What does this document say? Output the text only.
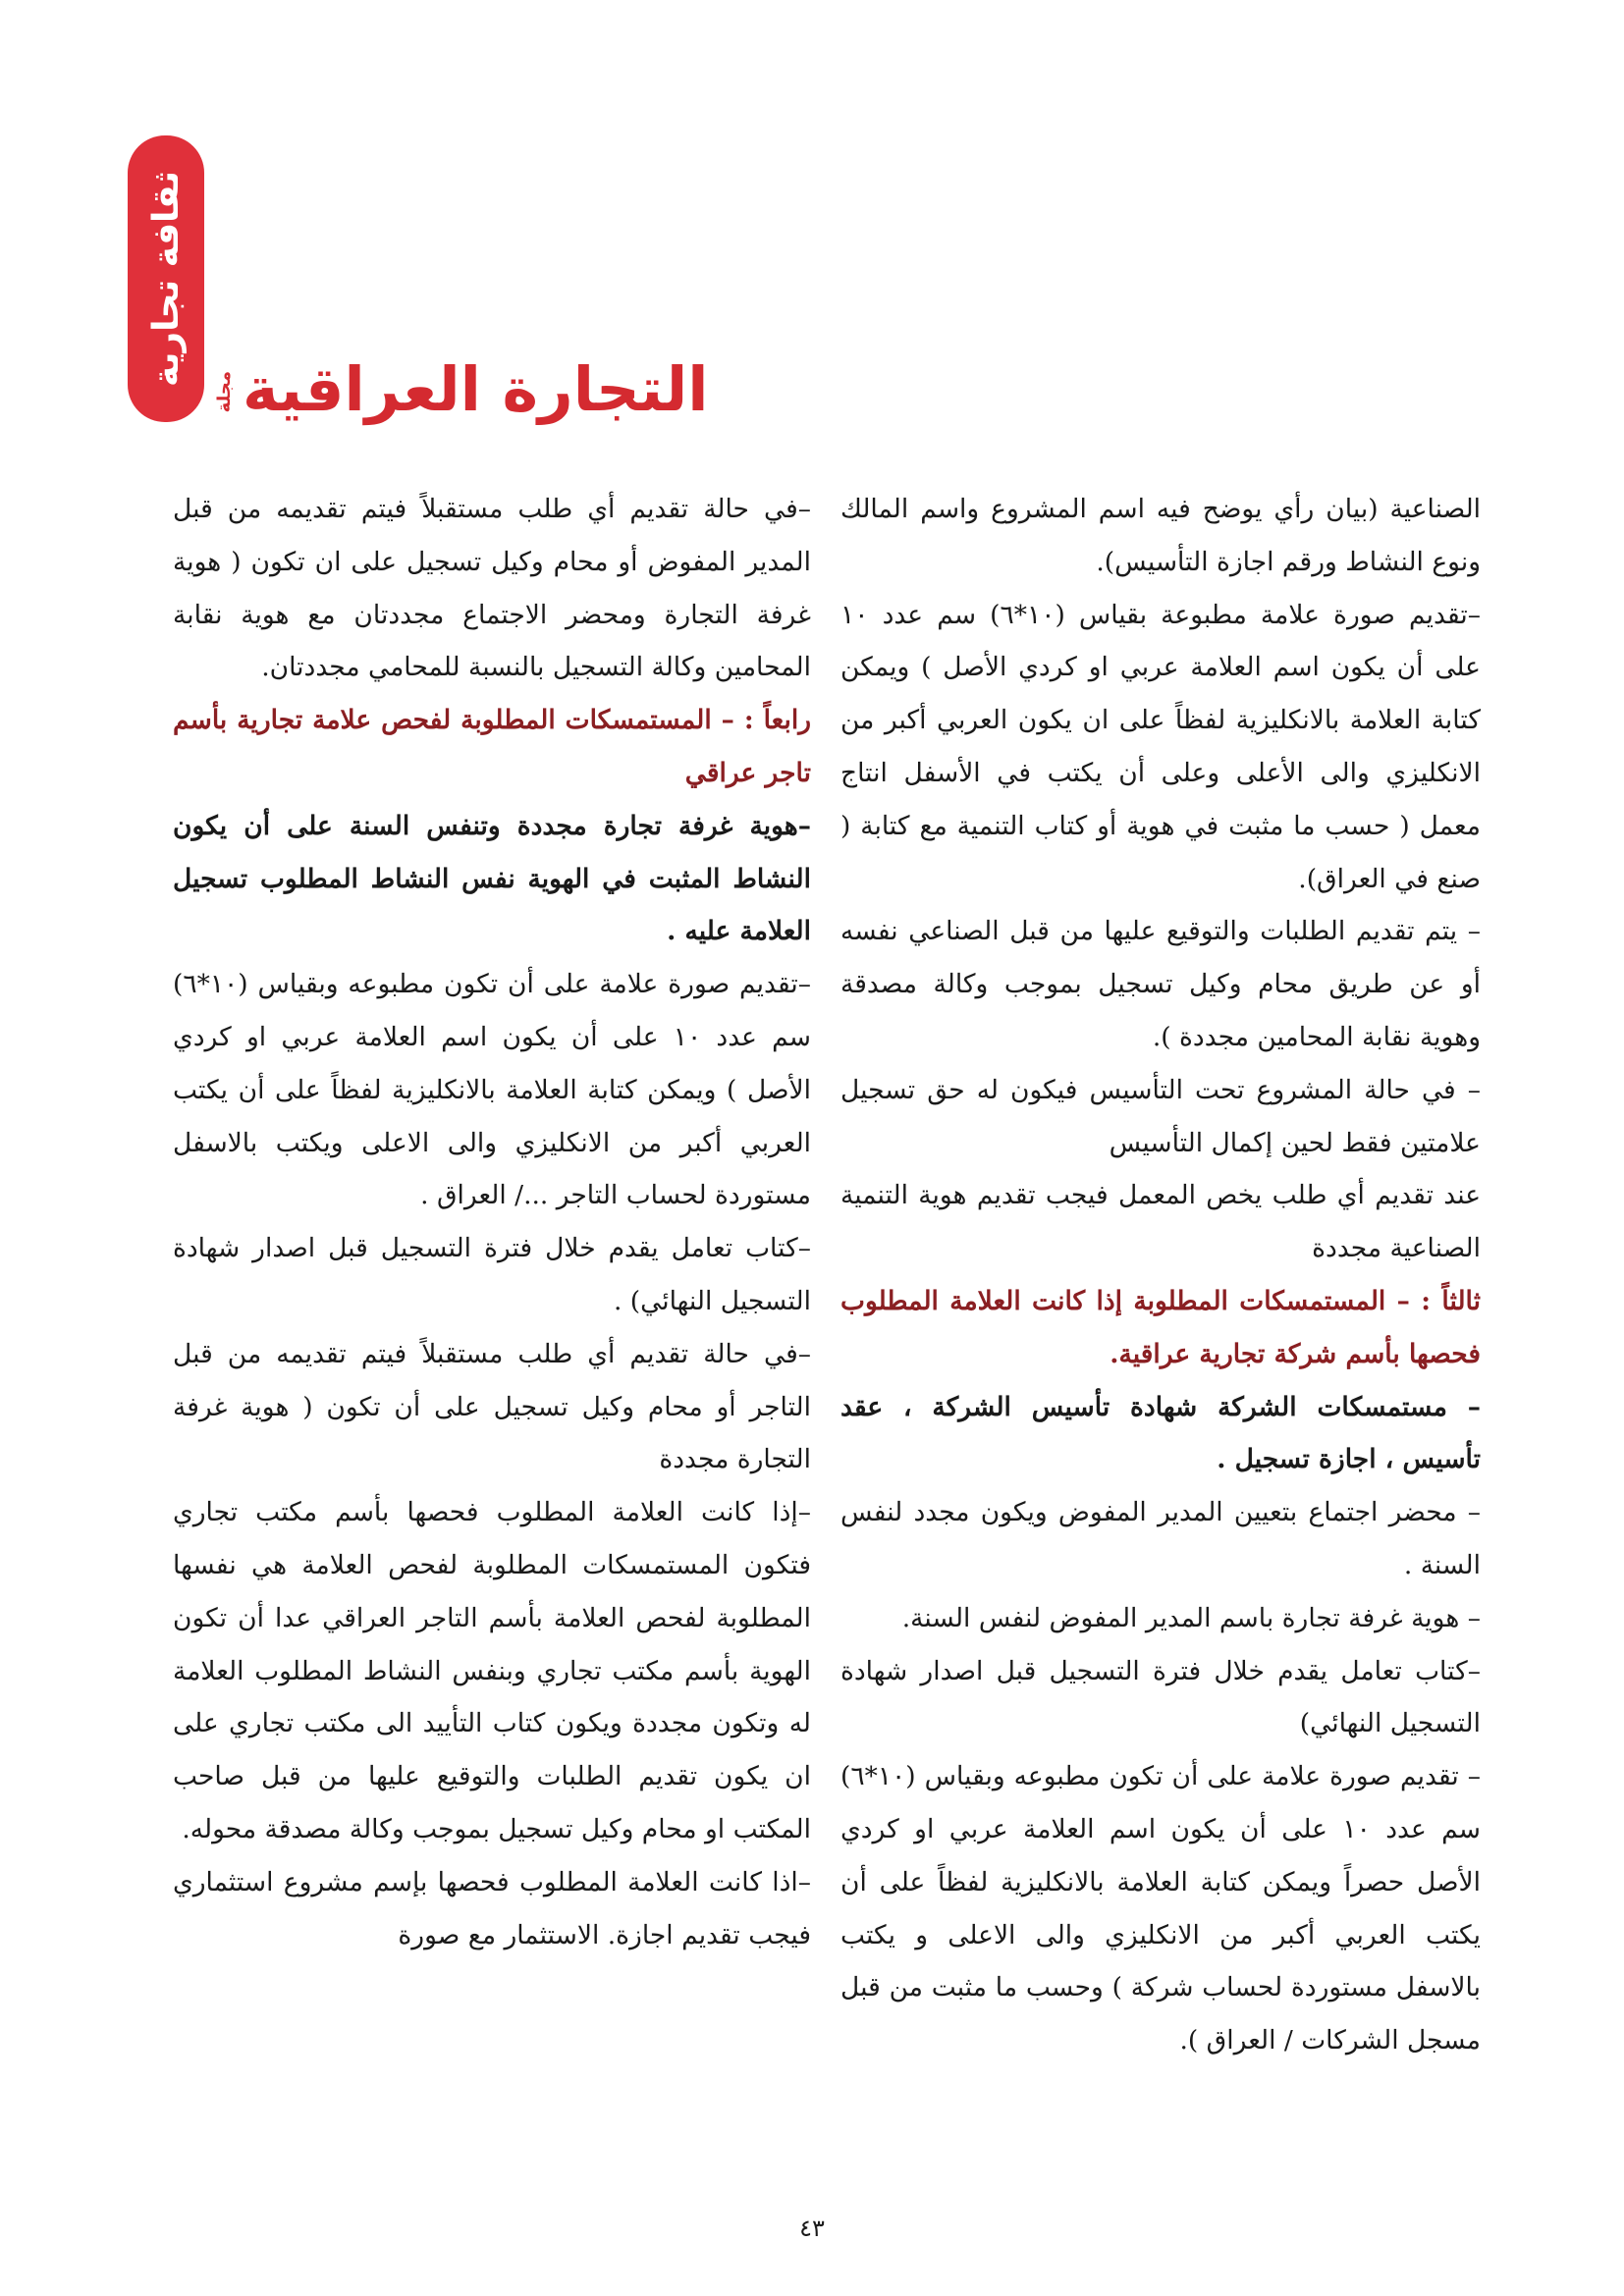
ثقافة تجارية
التجارة العراقية
مجلة

الصناعية (بيان رأي يوضح فيه اسم المشروع واسم المالك ونوع النشاط ورقم اجازة التأسيس).

–تقديم صورة علامة مطبوعة بقياس (١٠*٦) سم عدد ١٠ على أن يكون اسم العلامة عربي او كردي الأصل ) ويمكن كتابة العلامة بالانكليزية لفظاً على ان يكون العربي أكبر من الانكليزي والى الأعلى وعلى أن يكتب في الأسفل انتاج معمل ( حسب ما مثبت في هوية أو كتاب التنمية مع كتابة ( صنع في العراق).

– يتم تقديم الطلبات والتوقيع عليها من قبل الصناعي نفسه أو عن طريق محام وكيل تسجيل بموجب وكالة مصدقة وهوية نقابة المحامين مجددة ).

– في حالة المشروع تحت التأسيس فيكون له حق تسجيل علامتين فقط لحين إكمال التأسيس

عند تقديم أي طلب يخص المعمل فيجب تقديم هوية التنمية الصناعية مجددة

ثالثاً : – المستمسكات المطلوبة إذا كانت العلامة المطلوب فحصها بأسم شركة تجارية عراقية.

– مستمسكات الشركة شهادة تأسيس الشركة ، عقد تأسيس ، اجازة تسجيل .

– محضر اجتماع بتعيين المدير المفوض ويكون مجدد لنفس السنة .

– هوية غرفة تجارة باسم المدير المفوض لنفس السنة.

–كتاب تعامل يقدم خلال فترة التسجيل قبل اصدار شهادة التسجيل النهائي)

– تقديم صورة علامة على أن تكون مطبوعه وبقياس (١٠*٦) سم عدد ١٠ على أن يكون اسم العلامة عربي او كردي الأصل حصراً ويمكن كتابة العلامة بالانكليزية لفظاً على أن يكتب العربي أكبر من الانكليزي والى الاعلى و يكتب بالاسفل مستوردة لحساب شركة ) وحسب ما مثبت من قبل مسجل الشركات / العراق ).

–في حالة تقديم أي طلب مستقبلاً فيتم تقديمه من قبل المدير المفوض أو محام وكيل تسجيل على ان تكون ( هوية غرفة التجارة ومحضر الاجتماع مجددتان مع هوية نقابة المحامين وكالة التسجيل بالنسبة للمحامي مجددتان.

رابعاً : – المستمسكات المطلوبة لفحص علامة تجارية بأسم تاجر عراقي

–هوية غرفة تجارة مجددة وتنفس السنة على أن يكون النشاط المثبت في الهوية نفس النشاط المطلوب تسجيل العلامة عليه .

–تقديم صورة علامة على أن تكون مطبوعه وبقياس (١٠*٦) سم عدد ١٠ على أن يكون اسم العلامة عربي او كردي الأصل ) ويمكن كتابة العلامة بالانكليزية لفظاً على أن يكتب العربي أكبر من الانكليزي والى الاعلى ويكتب بالاسفل مستوردة لحساب التاجر .../ العراق .

–كتاب تعامل يقدم خلال فترة التسجيل قبل اصدار شهادة التسجيل النهائي) .

–في حالة تقديم أي طلب مستقبلاً فيتم تقديمه من قبل التاجر أو محام وكيل تسجيل على أن تكون ( هوية غرفة التجارة مجددة

–إذا كانت العلامة المطلوب فحصها بأسم مكتب تجاري فتكون المستمسكات المطلوبة لفحص العلامة هي نفسها المطلوبة لفحص العلامة بأسم التاجر العراقي عدا أن تكون الهوية بأسم مكتب تجاري وبنفس النشاط المطلوب العلامة له وتكون مجددة ويكون كتاب التأييد الى مكتب تجاري على ان يكون تقديم الطلبات والتوقيع عليها من قبل صاحب المكتب او محام وكيل تسجيل بموجب وكالة مصدقة محوله.

–اذا كانت العلامة المطلوب فحصها بإسم مشروع استثماري فيجب تقديم اجازة. الاستثمار مع صورة

٤٣
